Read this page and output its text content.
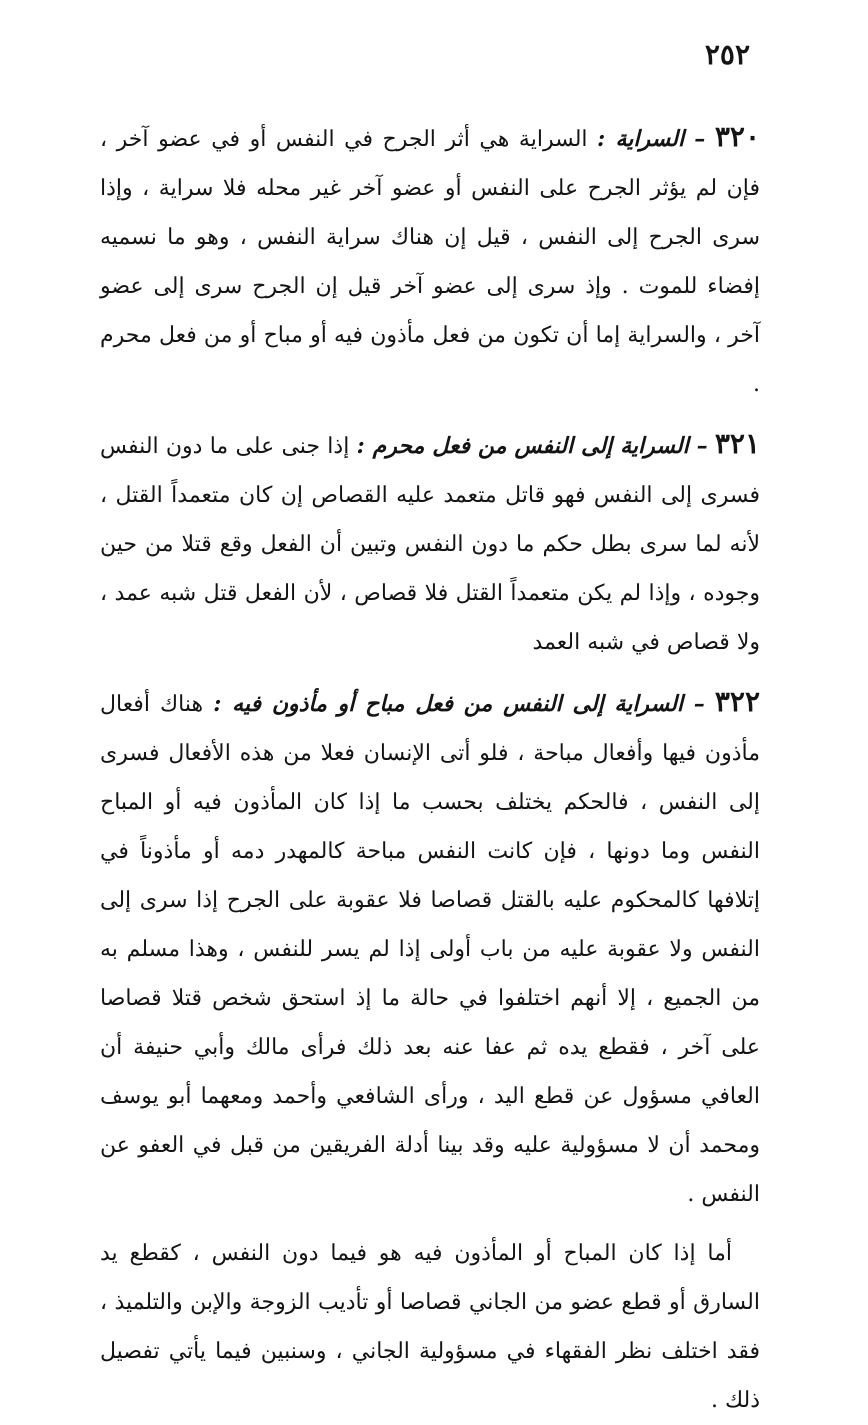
٢٥٢

٣٢٠ – السراية : السراية هي أثر الجرح في النفس أو في عضو آخر ، فإن لم يؤثر الجرح على النفس أو عضو آخر غير محله فلا سراية ، وإذا سرى الجرح إلى النفس ، قيل إن هناك سراية النفس ، وهو ما نسميه إفضاء للموت . وإذ سرى إلى عضو آخر قيل إن الجرح سرى إلى عضو آخر ، والسراية إما أن تكون من فعل مأذون فيه أو مباح أو من فعل محرم .

٣٢١ – السراية إلى النفس من فعل محرم : إذا جنى على ما دون النفس فسرى إلى النفس فهو قاتل متعمد عليه القصاص إن كان متعمداً القتل ، لأنه لما سرى بطل حكم ما دون النفس وتبين أن الفعل وقع قتلا من حين وجوده ، وإذا لم يكن متعمداً القتل فلا قصاص ، لأن الفعل قتل شبه عمد ، ولا قصاص في شبه العمد

٣٢٢ – السراية إلى النفس من فعل مباح أو مأذون فيه : هناك أفعال مأذون فيها وأفعال مباحة ، فلو أتى الإنسان فعلا من هذه الأفعال فسرى إلى النفس ، فالحكم يختلف بحسب ما إذا كان المأذون فيه أو المباح النفس وما دونها ، فإن كانت النفس مباحة كالمهدر دمه أو مأذوناً في إتلافها كالمحكوم عليه بالقتل قصاصا فلا عقوبة على الجرح إذا سرى إلى النفس ولا عقوبة عليه من باب أولى إذا لم يسر للنفس ، وهذا مسلم به من الجميع ، إلا أنهم اختلفوا في حالة ما إذ استحق شخص قتلا قصاصا على آخر ، فقطع يده ثم عفا عنه بعد ذلك فرأى مالك وأبي حنيفة أن العافي مسؤول عن قطع اليد ، ورأى الشافعي وأحمد ومعهما أبو يوسف ومحمد أن لا مسؤولية عليه وقد بينا أدلة الفريقين من قبل في العفو عن النفس .

أما إذا كان المباح أو المأذون فيه هو فيما دون النفس ، كقطع يد السارق أو قطع عضو من الجاني قصاصا أو تأديب الزوجة والإبن والتلميذ ، فقد اختلف نظر الفقهاء في مسؤولية الجاني ، وسنبين فيما يأتي تفصيل ذلك .
